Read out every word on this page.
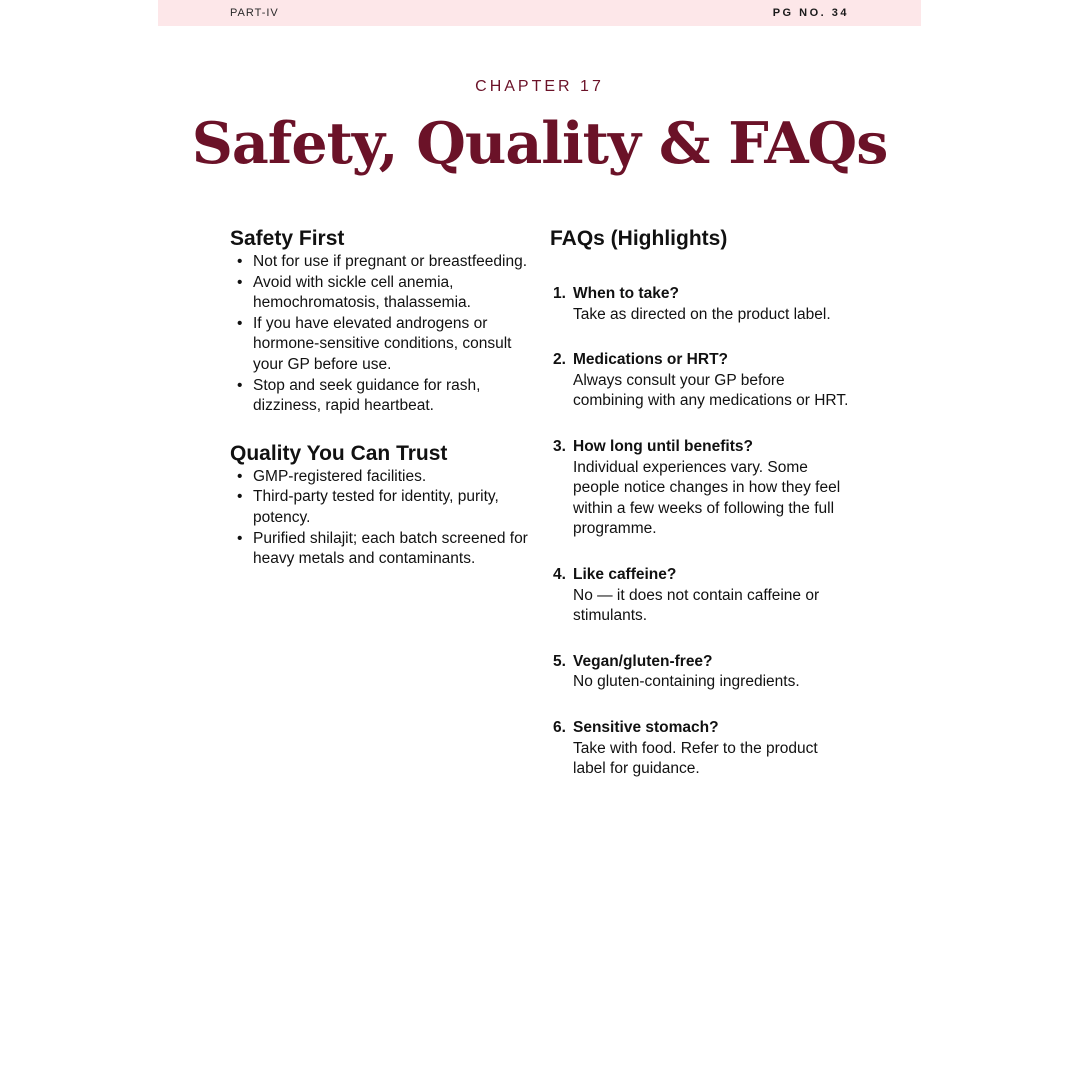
PART-IV	PG NO. 34
CHAPTER 17
Safety, Quality & FAQs
Safety First
• Not for use if pregnant or breastfeeding.
• Avoid with sickle cell anemia, hemochromatosis, thalassemia.
• If you have elevated androgens or hormone-sensitive conditions, consult your GP before use.
• Stop and seek guidance for rash, dizziness, rapid heartbeat.
Quality You Can Trust
• GMP-registered facilities.
• Third-party tested for identity, purity, potency.
• Purified shilajit; each batch screened for heavy metals and contaminants.
FAQs (Highlights)
1. When to take?
Take as directed on the product label.
2. Medications or HRT?
Always consult your GP before combining with any medications or HRT.
3. How long until benefits?
Individual experiences vary. Some people notice changes in how they feel within a few weeks of following the full programme.
4. Like caffeine?
No — it does not contain caffeine or stimulants.
5. Vegan/gluten-free?
No gluten-containing ingredients.
6. Sensitive stomach?
Take with food. Refer to the product label for guidance.
